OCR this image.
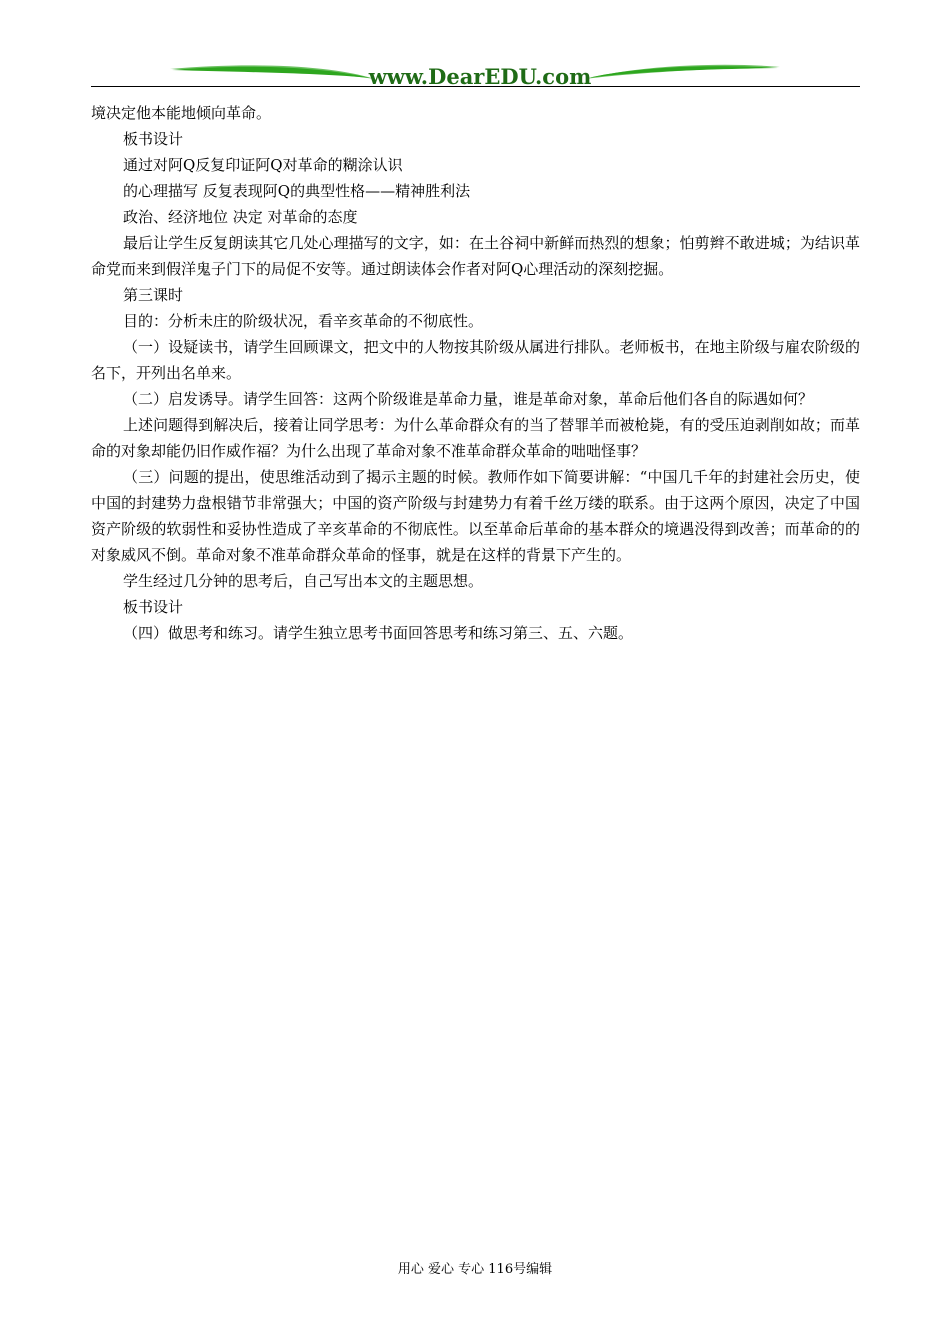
www.DearEDU.com

境决定他本能地倾向革命。

板书设计

通过对阿Q反复印证阿Q对革命的糊涂认识

的心理描写 反复表现阿Q的典型性格——精神胜利法

政治、经济地位 决定 对革命的态度

最后让学生反复朗读其它几处心理描写的文字，如：在土谷祠中新鲜而热烈的想象；怕剪辫不敢进城；为结识革命党而来到假洋鬼子门下的局促不安等。通过朗读体会作者对阿Q心理活动的深刻挖掘。

第三课时

目的：分析未庄的阶级状况，看辛亥革命的不彻底性。

（一）设疑读书，请学生回顾课文，把文中的人物按其阶级从属进行排队。老师板书，在地主阶级与雇农阶级的名下，开列出名单来。

（二）启发诱导。请学生回答：这两个阶级谁是革命力量，谁是革命对象，革命后他们各自的际遇如何？

上述问题得到解决后，接着让同学思考：为什么革命群众有的当了替罪羊而被枪毙，有的受压迫剥削如故；而革命的对象却能仍旧作威作福？为什么出现了革命对象不准革命群众革命的咄咄怪事？

（三）问题的提出，使思维活动到了揭示主题的时候。教师作如下简要讲解：“中国几千年的封建社会历史，使中国的封建势力盘根错节非常强大；中国的资产阶级与封建势力有着千丝万缕的联系。由于这两个原因，决定了中国资产阶级的软弱性和妥协性造成了辛亥革命的不彻底性。以至革命后革命的基本群众的境遇没得到改善；而革命的的对象威风不倒。革命对象不准革命群众革命的怪事，就是在这样的背景下产生的。

学生经过几分钟的思考后，自己写出本文的主题思想。

板书设计

（四）做思考和练习。请学生独立思考书面回答思考和练习第三、五、六题。

用心 爱心 专心 116号编辑
